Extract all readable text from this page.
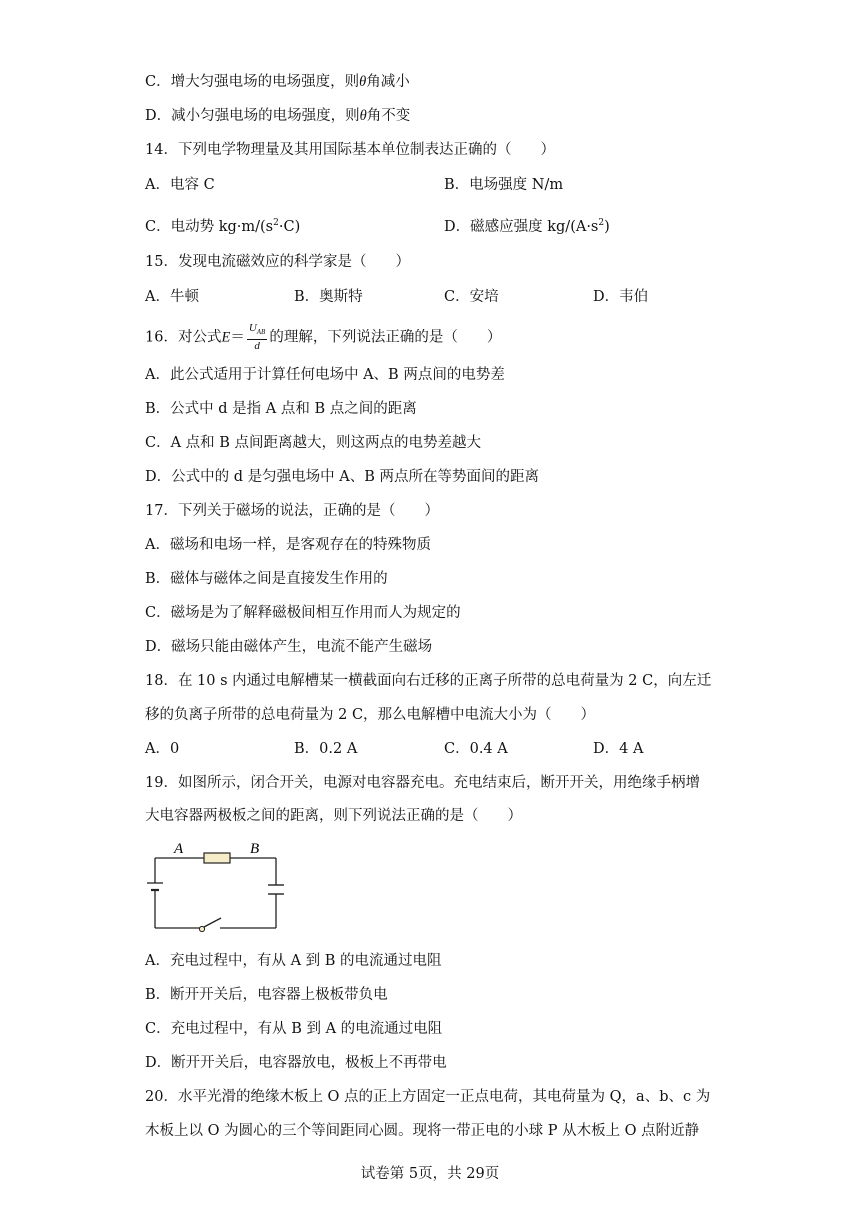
C．增大匀强电场的电场强度，则θ角减小
D．减小匀强电场的电场强度，则θ角不变
14．下列电学物理量及其用国际基本单位制表达正确的（　　）
A．电容 C	B．电场强度 N/m
C．电动势 $kg\cdot m/(s^2\cdot C)$	D．磁感应强度 $kg/(A\cdot s^2)$
15．发现电流磁效应的科学家是（　　）
A．牛顿	B．奥斯特	C．安培	D．韦伯
16．对公式$E= \frac{U_{AB}}{d}$ 的理解，下列说法正确的是（　　）
A．此公式适用于计算任何电场中 A、B 两点间的电势差
B．公式中 d 是指 A 点和 B 点之间的距离
C．A 点和 B 点间距离越大，则这两点的电势差越大
D．公式中的 d 是匀强电场中 A、B 两点所在等势面间的距离
17．下列关于磁场的说法，正确的是（　　）
A．磁场和电场一样，是客观存在的特殊物质
B．磁体与磁体之间是直接发生作用的
C．磁场是为了解释磁极间相互作用而人为规定的
D．磁场只能由磁体产生，电流不能产生磁场
18．在 10 s 内通过电解槽某一横截面向右迁移的正离子所带的总电荷量为 2 C，向左迁
移的负离子所带的总电荷量为 2 C，那么电解槽中电流大小为（　　）
A．0	B．0.2 A	C．0.4 A	D．4 A
19．如图所示，闭合开关，电源对电容器充电。充电结束后，断开开关，用绝缘手柄增
大电容器两极板之间的距离，则下列说法正确的是（　　）
A	B
A．充电过程中，有从 A 到 B 的电流通过电阻
B．断开开关后，电容器上极板带负电
C．充电过程中，有从 B 到 A 的电流通过电阻
D．断开开关后，电容器放电，极板上不再带电
20．水平光滑的绝缘木板上 O 点的正上方固定一正点电荷，其电荷量为 Q，a、b、c 为
木板上以 O 为圆心的三个等间距同心圆。现将一带正电的小球 P 从木板上 O 点附近静
试卷第 5页，共 29页
